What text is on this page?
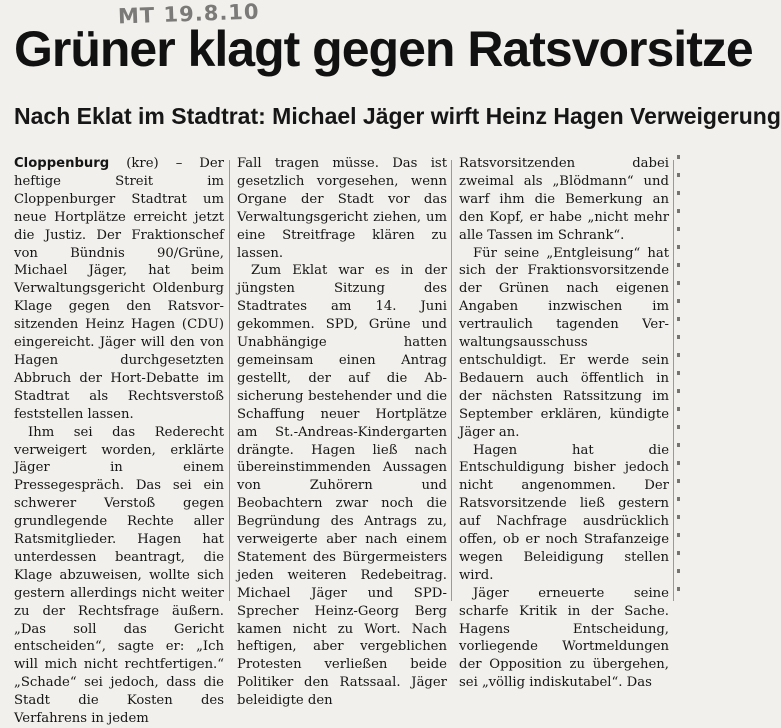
MT 19.8.10
Grüner klagt gegen Ratsvorsitze
Nach Eklat im Stadtrat: Michael Jäger wirft Heinz Hagen Verweigerung

Cloppenburg (kre) – Der heftige Streit im Cloppenburger Stadtrat um neue Hortplätze erreicht jetzt die Justiz. Der Fraktionschef von Bündnis 90/Grüne, Michael Jäger, hat beim Verwaltungsgericht Oldenburg Klage gegen den Ratsvorsitzenden Heinz Hagen (CDU) eingereicht. Jäger will den von Hagen durchgesetzten Abbruch der Hort-Debatte im Stadtrat als Rechtsverstoß feststellen lassen.

Ihm sei das Rederecht verweigert worden, erklärte Jäger in einem Pressegespräch. Das sei ein schwerer Verstoß gegen grundlegende Rechte aller Ratsmitglieder. Hagen hat unterdessen beantragt, die Klage abzuweisen, wollte sich gestern allerdings nicht weiter zu der Rechtsfrage äußern. „Das soll das Gericht entscheiden“, sagte er: „Ich will mich nicht rechtfertigen.“ „Schade“ sei jedoch, dass die Stadt die Kosten des Verfahrens in jedem

Fall tragen müsse. Das ist gesetzlich vorgesehen, wenn Organe der Stadt vor das Verwaltungsgericht ziehen, um eine Streitfrage klären zu lassen.

Zum Eklat war es in der jüngsten Sitzung des Stadtrates am 14. Juni gekommen. SPD, Grüne und Unabhängige hatten gemeinsam einen Antrag gestellt, der auf die Absicherung bestehender und die Schaffung neuer Hortplätze am St.-Andreas-Kindergarten drängte. Hagen ließ nach übereinstimmenden Aussagen von Zuhörern und Beobachtern zwar noch die Begründung des Antrags zu, verweigerte aber nach einem Statement des Bürgermeisters jeden weiteren Redebeitrag. Michael Jäger und SPD-Sprecher Heinz-Georg Berg kamen nicht zu Wort. Nach heftigen, aber vergeblichen Protesten verließen beide Politiker den Ratssaal. Jäger beleidigte den

Ratsvorsitzenden dabei zweimal als „Blödmann“ und warf ihm die Bemerkung an den Kopf, er habe „nicht mehr alle Tassen im Schrank“.

Für seine „Entgleisung“ hat sich der Fraktionsvorsitzende der Grünen nach eigenen Angaben inzwischen im vertraulich tagenden Verwaltungsausschuss entschuldigt. Er werde sein Bedauern auch öffentlich in der nächsten Ratssitzung im September erklären, kündigte Jäger an.

Hagen hat die Entschuldigung bisher jedoch nicht angenommen. Der Ratsvorsitzende ließ gestern auf Nachfrage ausdrücklich offen, ob er noch Strafanzeige wegen Beleidigung stellen wird.

Jäger erneuerte seine scharfe Kritik in der Sache. Hagens Entscheidung, vorliegende Wortmeldungen der Opposition zu übergehen, sei „völlig indiskutabel“. Das
